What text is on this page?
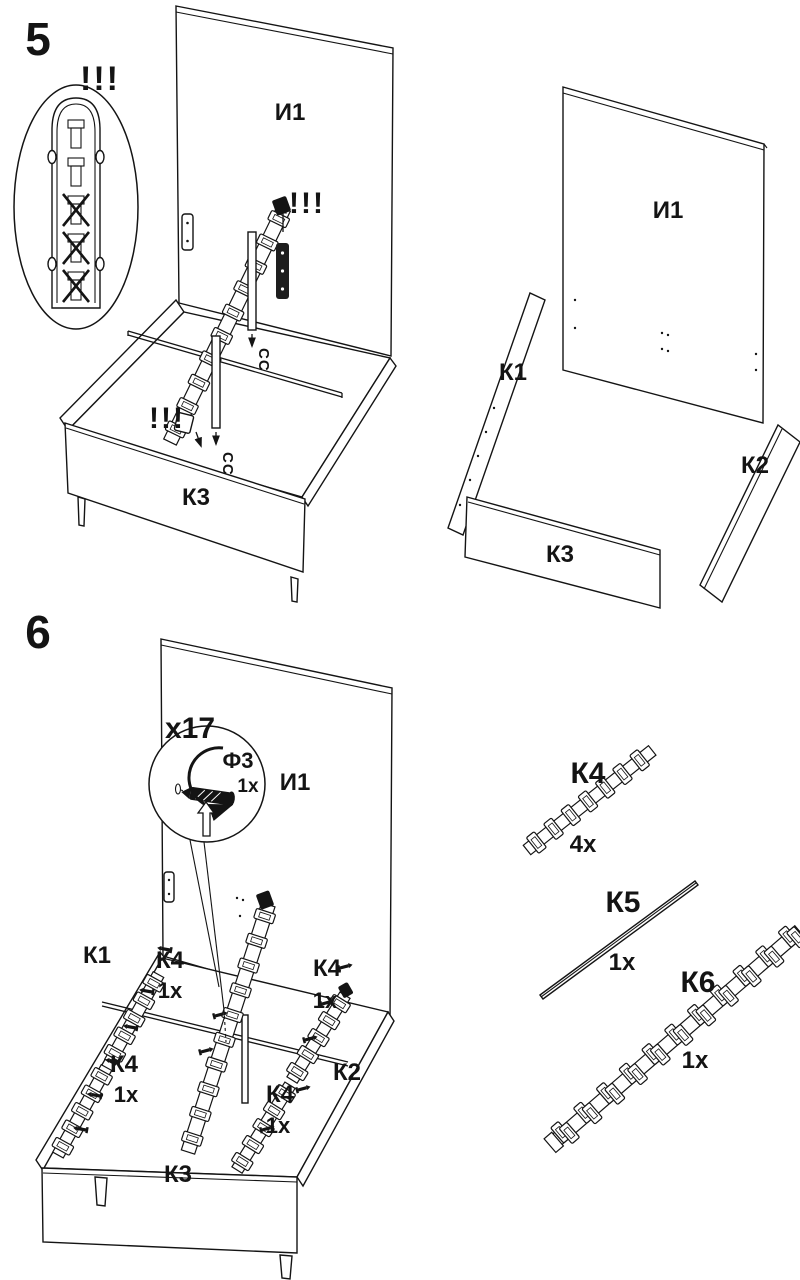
5
!!!
И1
!!!
!!!
СС
СС
К3
И1
К1
К2
К3
6
x17
Ф3
1x И1
К1 К4
1x
К4
1x
К4
1x	К4
1x
К2
К3
К4
4x
К5
1x
К6
1x
